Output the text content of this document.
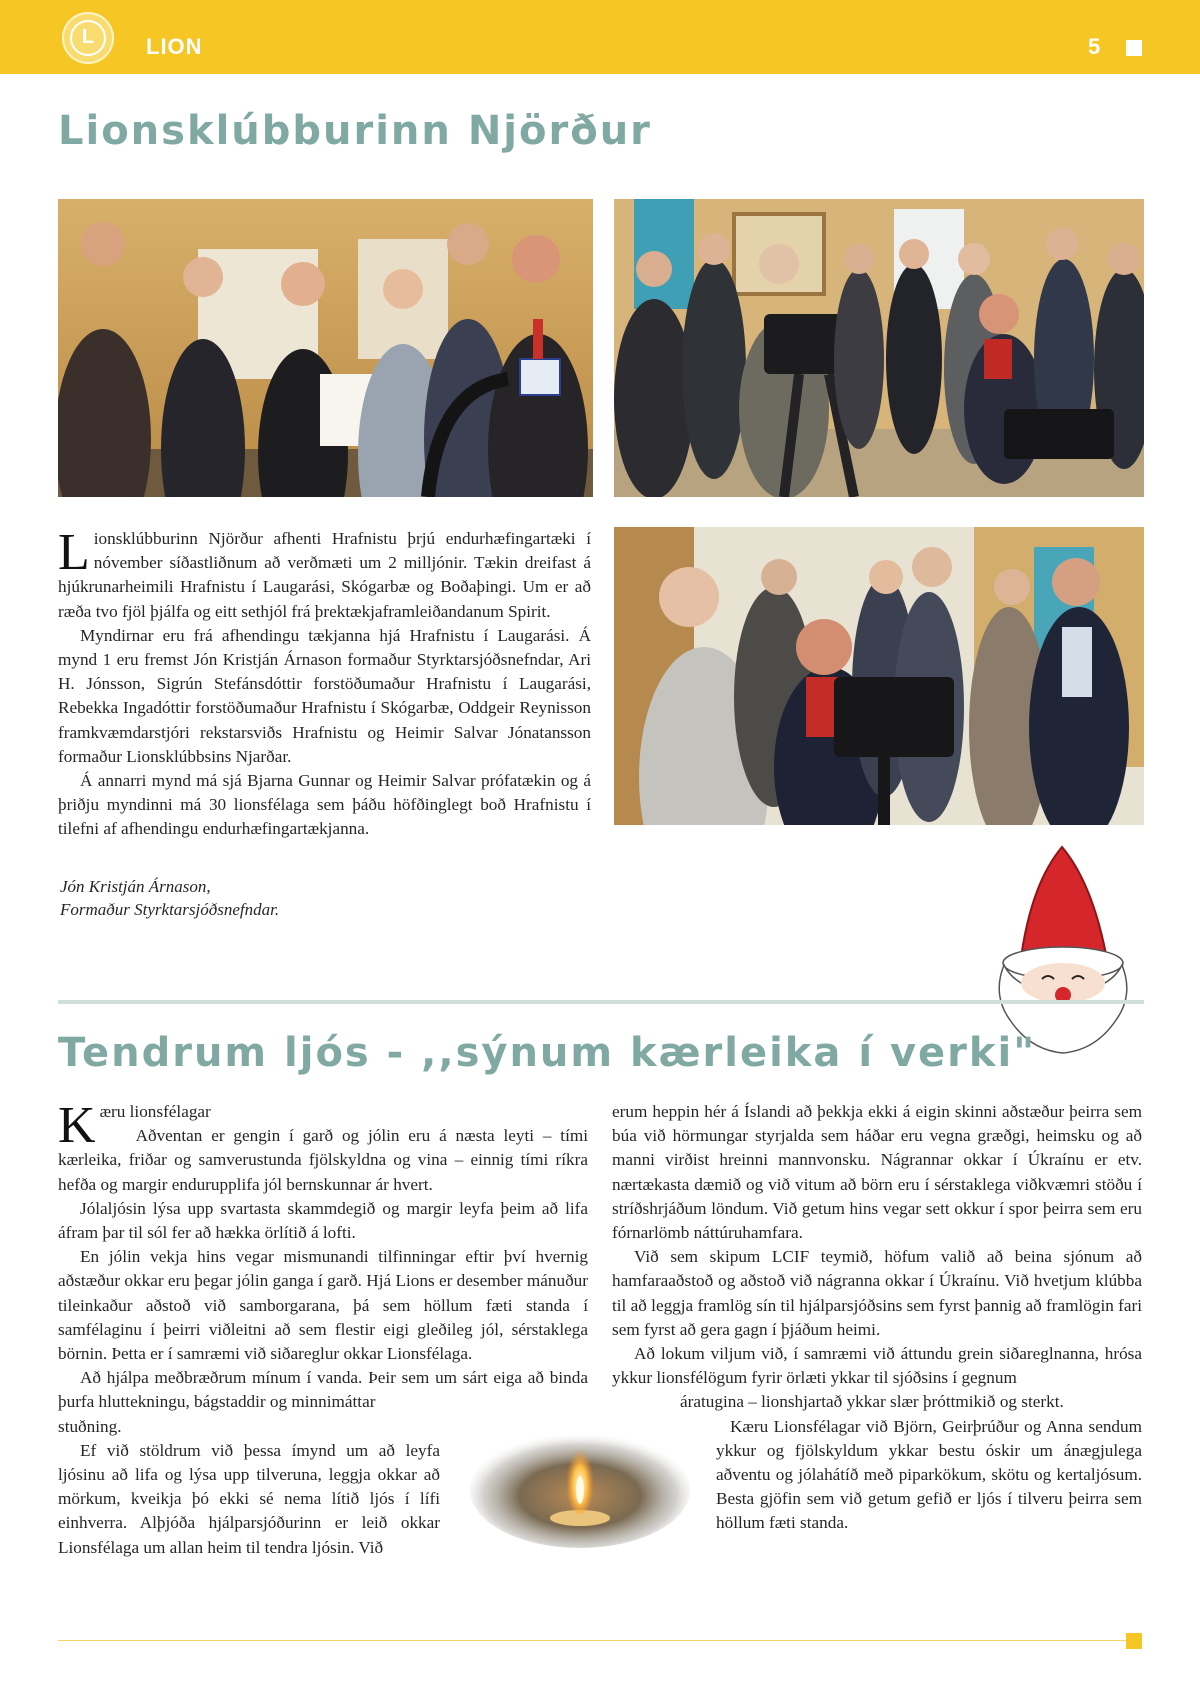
L	LION	5
Lionsklúbburinn Njörður

Lionsklúbburinn Njörður afhenti Hrafnistu þrjú endurhæfingartæki í nóvember síðastliðnum að verðmæti um 2 milljónir. Tækin dreifast á hjúkrunarheimili Hrafnistu í Laugarási, Skógarbæ og Boðaþingi. Um er að ræða tvo fjöl þjálfa og eitt sethjól frá þrektækjaframleiðandanum Spirit.

Myndirnar eru frá afhendingu tækjanna hjá Hrafnistu í Laugarási. Á mynd 1 eru fremst Jón Kristján Árnason formaður Styrktarsjóðsnefndar, Ari H. Jónsson, Sigrún Stefánsdóttir forstöðumaður Hrafnistu í Laugarási, Rebekka Ingadóttir forstöðumaður Hrafnistu í Skógarbæ, Oddgeir Reynisson framkvæmdarstjóri rekstarsviðs Hrafnistu og Heimir Salvar Jónatansson formaður Lionsklúbbsins Njarðar.

Á annarri mynd má sjá Bjarna Gunnar og Heimir Salvar prófatækin og á þriðju myndinni má 30 lionsfélaga sem þáðu höfðinglegt boð Hrafnistu í tilefni af afhendingu endurhæfingartækjanna.

Jón Kristján Árnason,
Formaður Styrktarsjóðsnefndar.
Tendrum ljós - ,,sýnum kærleika í verki"

Kæru lionsfélagar
Aðventan er gengin í garð og jólin eru á næsta leyti – tími kærleika, friðar og samverustunda fjölskyldna og vina – einnig tími ríkra hefða og margir endurupplifa jól bernskunnar ár hvert.

Jólaljósin lýsa upp svartasta skammdegið og margir leyfa þeim að lifa áfram þar til sól fer að hækka örlítið á lofti.

En jólin vekja hins vegar mismunandi tilfinningar eftir því hvernig aðstæður okkar eru þegar jólin ganga í garð. Hjá Lions er desember mánuður tileinkaður aðstoð við samborgarana, þá sem höllum fæti standa í samfélaginu í þeirri viðleitni að sem flestir eigi gleðileg jól, sérstaklega börnin. Þetta er í samræmi við siðareglur okkar Lionsfélaga.

Að hjálpa meðbræðrum mínum í vanda. Þeir sem um sárt eiga að binda þurfa hluttekningu, bágstaddir og minnimáttar

stuðning.

Ef við stöldrum við þessa ímynd um að leyfa ljósinu að lifa og lýsa upp tilveruna, leggja okkar að mörkum, kveikja þó ekki sé nema lítið ljós í lífi einhverra. Alþjóða hjálparsjóðurinn er leið okkar Lionsfélaga um allan heim til tendra ljósin. Við

erum heppin hér á Íslandi að þekkja ekki á eigin skinni aðstæður þeirra sem búa við hörmungar styrjalda sem háðar eru vegna græðgi, heimsku og að manni virðist hreinni mannvonsku. Nágrannar okkar í Úkraínu er etv. nærtækasta dæmið og við vitum að börn eru í sérstaklega viðkvæmri stöðu í stríðshrjáðum löndum. Við getum hins vegar sett okkur í spor þeirra sem eru fórnarlömb náttúruhamfara.

Við sem skipum LCIF teymið, höfum valið að beina sjónum að hamfaraaðstoð og aðstoð við nágranna okkar í Úkraínu. Við hvetjum klúbba til að leggja framlög sín til hjálparsjóðsins sem fyrst þannig að framlögin fari sem fyrst að gera gagn í þjáðum heimi.

Að lokum viljum við, í samræmi við áttundu grein siðareglnanna, hrósa ykkur lionsfélögum fyrir örlæti ykkar til sjóðsins í gegnum

áratugina – lionshjartað ykkar slær þróttmikið og sterkt.

Kæru Lionsfélagar við Björn, Geirþrúður og Anna sendum ykkur og fjölskyldum ykkar bestu óskir um ánægjulega aðventu og jólahátíð með piparkökum, skötu og kertaljósum. Besta gjöfin sem við getum gefið er ljós í tilveru þeirra sem höllum fæti standa.
